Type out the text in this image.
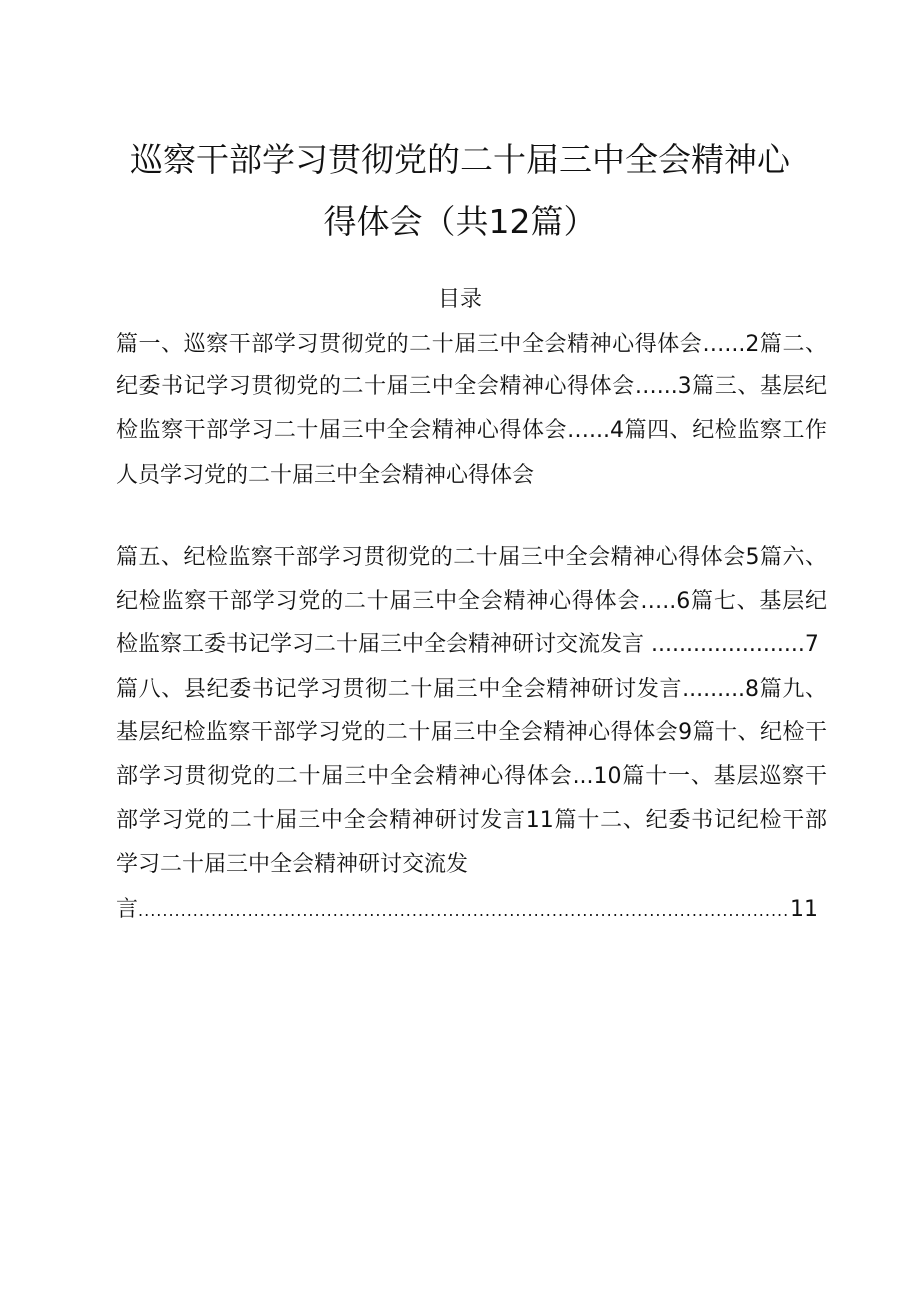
巡察干部学习贯彻党的二十届三中全会精神心
得体会（共12篇）
目录
篇一、巡察干部学习贯彻党的二十届三中全会精神心得体会…...2篇二、
纪委书记学习贯彻党的二十届三中全会精神心得体会…...3篇三、基层纪
检监察干部学习二十届三中全会精神心得体会…...4篇四、纪检监察工作
人员学习党的二十届三中全会精神心得体会
篇五、纪检监察干部学习贯彻党的二十届三中全会精神心得体会5篇六、
纪检监察干部学习党的二十届三中全会精神心得体会…..6篇七、基层纪
检监察工委书记学习二十届三中全会精神研讨交流发言 ......................7
篇八、县纪委书记学习贯彻二十届三中全会精神研讨发言.........8篇九、
基层纪检监察干部学习党的二十届三中全会精神心得体会9篇十、纪检干
部学习贯彻党的二十届三中全会精神心得体会...10篇十一、基层巡察干
部学习党的二十届三中全会精神研讨发言11篇十二、纪委书记纪检干部
学习二十届三中全会精神研讨交流发
言
.....	11
